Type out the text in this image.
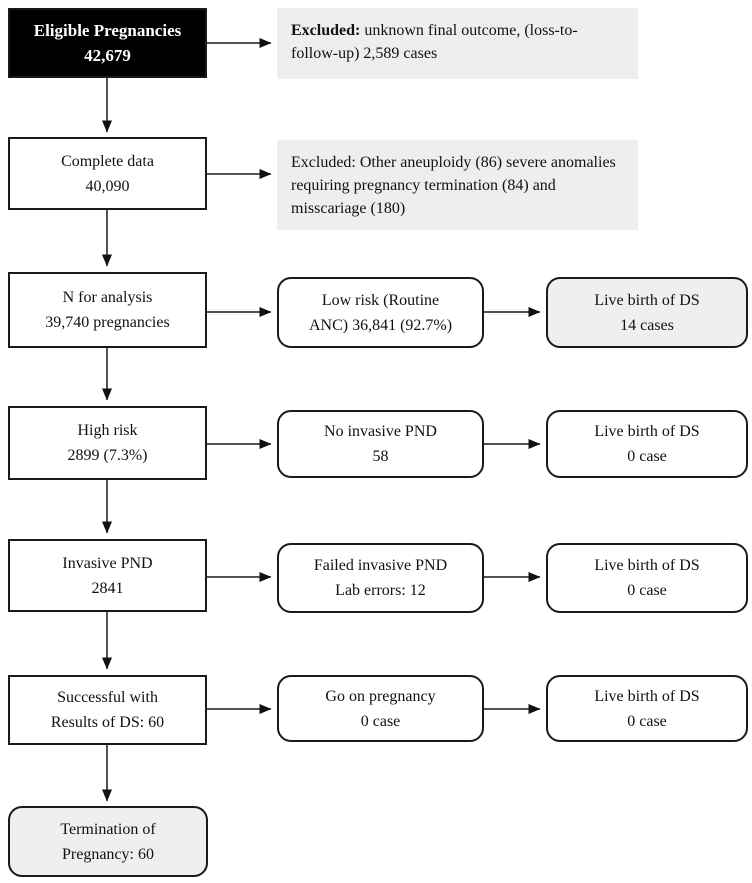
Eligible Pregnancies
42,679
Complete data
40,090
N for analysis
39,740 pregnancies
High risk
2899 (7.3%)
Invasive PND
2841
Successful with
Results of DS: 60
Termination of
Pregnancy: 60
Excluded: unknown final outcome, (loss-to-follow-up) 2,589 cases
Excluded: Other aneuploidy (86) severe anomalies requiring pregnancy termination (84) and misscariage (180)
Low risk (Routine
ANC) 36,841 (92.7%)
No invasive PND
58
Failed invasive PND
Lab errors: 12
Go on pregnancy
0 case
Live birth of DS
14 cases
Live birth of DS
0 case
Live birth of DS
0 case
Live birth of DS
0 case
